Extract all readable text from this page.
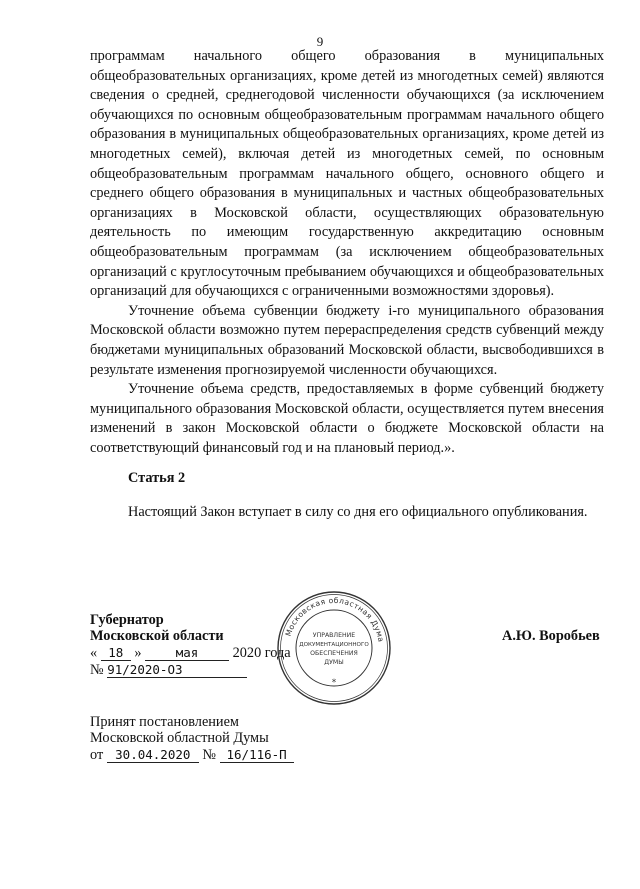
9

программам начального общего образования в муниципальных общеобразовательных организациях, кроме детей из многодетных семей) являются сведения о средней, среднегодовой численности обучающихся (за исключением обучающихся по основным общеобразовательным программам начального общего образования в муниципальных общеобразовательных организациях, кроме детей из многодетных семей), включая детей из многодетных семей, по основным общеобразовательным программам начального общего, основного общего и среднего общего образования в муниципальных и частных общеобразовательных организациях в Московской области, осуществляющих образовательную деятельность по имеющим государственную аккредитацию основным общеобразовательным программам (за исключением общеобразовательных организаций с круглосуточным пребыванием обучающихся и общеобразовательных организаций для обучающихся с ограниченными возможностями здоровья).

Уточнение объема субвенции бюджету i-го муниципального образования Московской области возможно путем перераспределения средств субвенций между бюджетами муниципальных образований Московской области, высвободившихся в результате изменения прогнозируемой численности обучающихся.

Уточнение объема средств, предоставляемых в форме субвенций бюджету муниципального образования Московской области, осуществляется путем внесения изменений в закон Московской области о бюджете Московской области на соответствующий финансовый год и на плановый период.».

Статья 2

Настоящий Закон вступает в силу со дня его официального опубликования.

Губернатор
Московской области	А.Ю. Воробьев
« 18 »	мая 2020 года
№ 91/2020-ОЗ
Московская областная Дума
УПРАВЛЕНИЕ
ДОКУМЕНТАЦИОННОГО
ОБЕСПЕЧЕНИЯ
ДУМЫ
*
Принят постановлением
Московской областной Думы
от 30.04.2020 № 16/116-П
